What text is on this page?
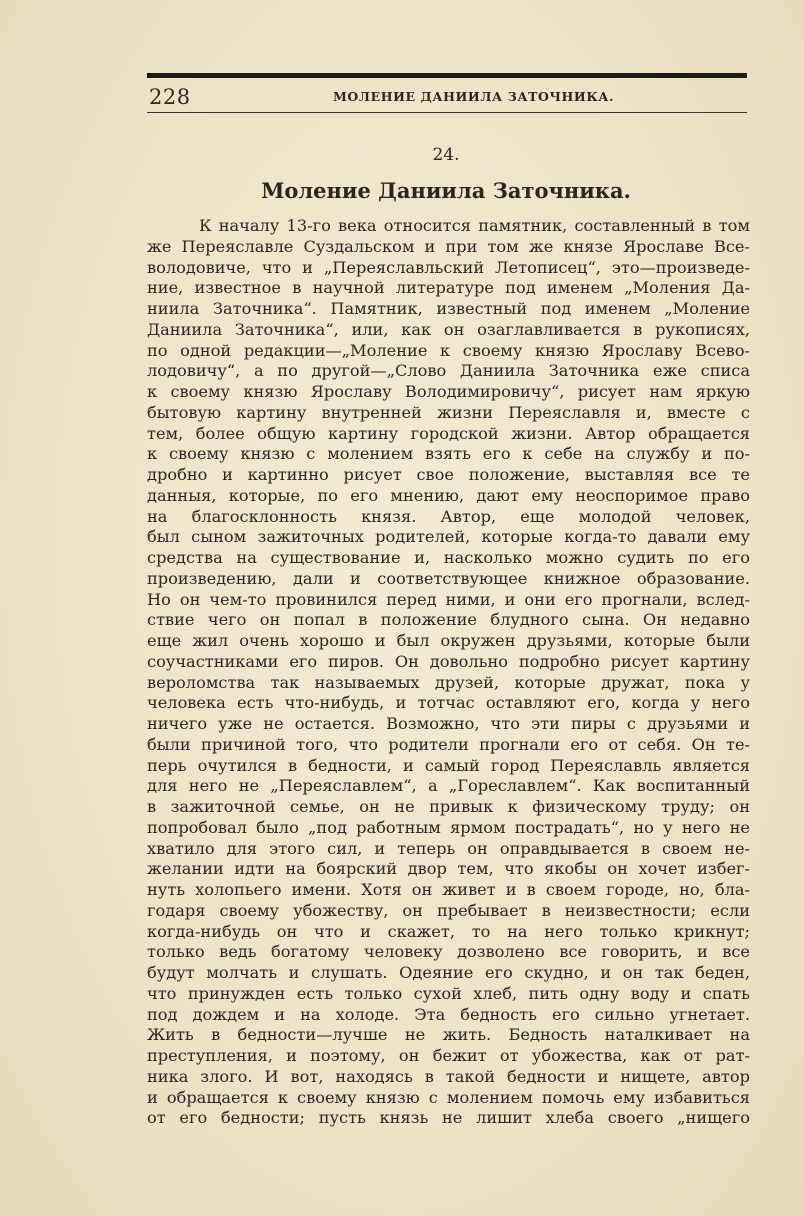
228	МОЛЕНИЕ ДАНИИЛА ЗАТОЧНИКА.
24.
Моление Даниила Заточника.
К началу 13-го века относится памятник, составленный в том
же Переяславле Суздальском и при том же князе Ярославе Все-
володовиче, что и „Переяславльский Летописец“, это—произведе-
ние, известное в научной литературе под именем „Моления Да-
ниила Заточника“. Памятник, известный под именем „Моление
Даниила Заточника“, или, как он озаглавливается в рукописях,
по одной редакции—„Моление к своему князю Ярославу Всево-
лодовичу“, а по другой—„Слово Даниила Заточника еже списа
к своему князю Ярославу Володимировичу“, рисует нам яркую
бытовую картину внутренней жизни Переяславля и, вместе с
тем, более общую картину городской жизни. Автор обращается
к своему князю с молением взять его к себе на службу и по-
дробно и картинно рисует свое положение, выставляя все те
данныя, которые, по его мнению, дают ему неоспоримое право
на благосклонность князя. Автор, еще молодой человек,
был сыном зажиточных родителей, которые когда-то давали ему
средства на существование и, насколько можно судить по его
произведению, дали и соответствующее книжное образование.
Но он чем-то провинился перед ними, и они его прогнали, вслед-
ствие чего он попал в положение блудного сына. Он недавно
еще жил очень хорошо и был окружен друзьями, которые были
соучастниками его пиров. Он довольно подробно рисует картину
вероломства так называемых друзей, которые дружат, пока у
человека есть что-нибудь, и тотчас оставляют его, когда у него
ничего уже не остается. Возможно, что эти пиры с друзьями и
были причиной того, что родители прогнали его от себя. Он те-
перь очутился в бедности, и самый город Переяславль является
для него не „Переяславлем“, а „Гореславлем“. Как воспитанный
в зажиточной семье, он не привык к физическому труду; он
попробовал было „под работным ярмом пострадать“, но у него не
хватило для этого сил, и теперь он оправдывается в своем не-
желании идти на боярский двор тем, что якобы он хочет избег-
нуть холопьего имени. Хотя он живет и в своем городе, но, бла-
годаря своему убожеству, он пребывает в неизвестности; если
когда-нибудь он что и скажет, то на него только крикнут;
только ведь богатому человеку дозволено все говорить, и все
будут молчать и слушать. Одеяние его скудно, и он так беден,
что принужден есть только сухой хлеб, пить одну воду и спать
под дождем и на холоде. Эта бедность его сильно угнетает.
Жить в бедности—лучше не жить. Бедность наталкивает на
преступления, и поэтому, он бежит от убожества, как от рат-
ника злого. И вот, находясь в такой бедности и нищете, автор
и обращается к своему князю с молением помочь ему избавиться
от его бедности; пусть князь не лишит хлеба своего „нищего
